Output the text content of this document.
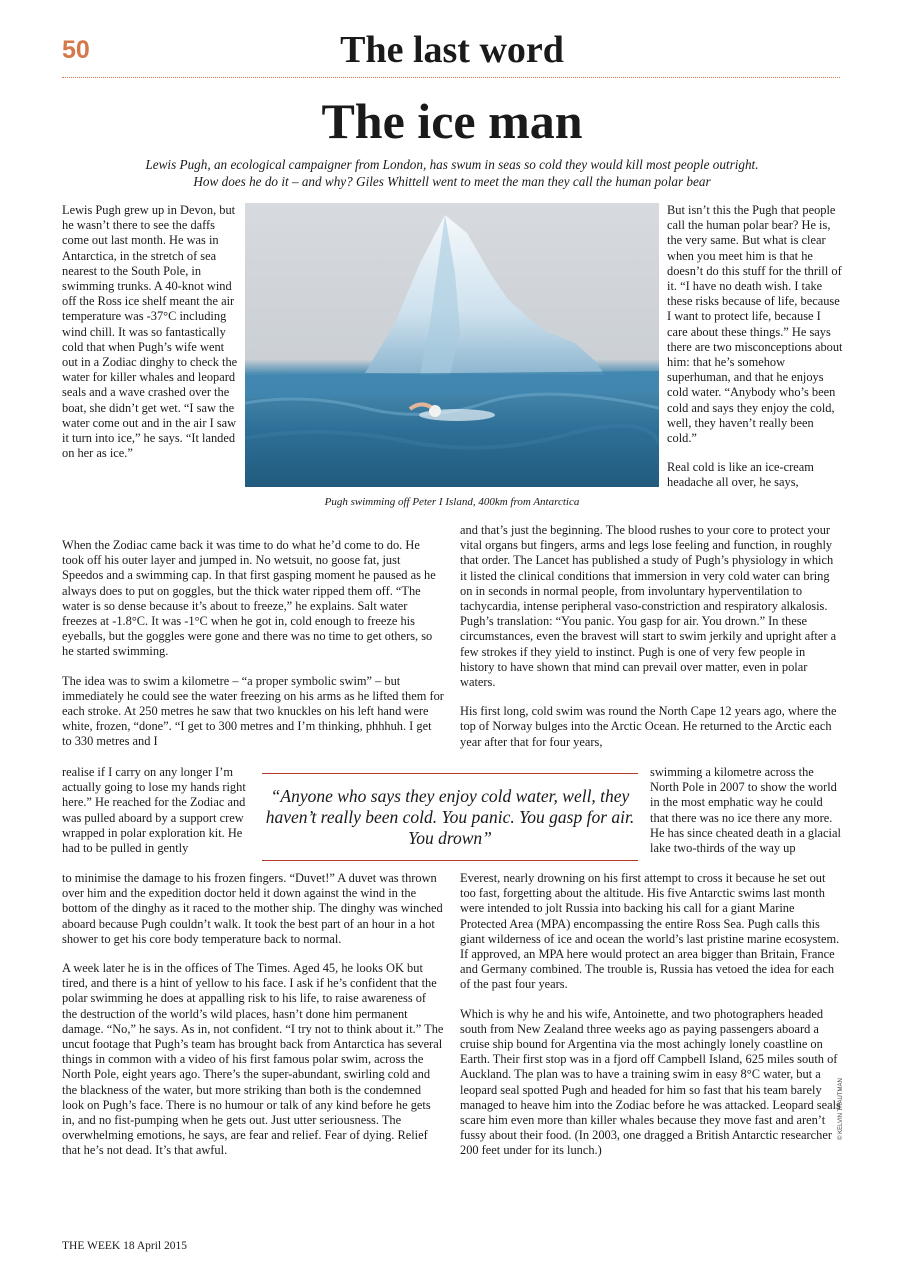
50	The last word
The ice man
Lewis Pugh, an ecological campaigner from London, has swum in seas so cold they would kill most people outright.
How does he do it – and why? Giles Whittell went to meet the man they call the human polar bear

Lewis Pugh grew up in Devon, but he wasn’t there to see the daffs come out last month. He was in Antarctica, in the stretch of sea nearest to the South Pole, in swimming trunks. A 40-knot wind off the Ross ice shelf meant the air temperature was -37°C including wind chill. It was so fantastically cold that when Pugh’s wife went out in a Zodiac dinghy to check the water for killer whales and leopard seals and a wave crashed over the boat, she didn’t get wet. “I saw the water come out and in the air I saw it turn into ice,” he says. “It landed on her as ice.”

Pugh swimming off Peter I Island, 400km from Antarctica

But isn’t this the Pugh that people call the human polar bear? He is, the very same. But what is clear when you meet him is that he doesn’t do this stuff for the thrill of it. “I have no death wish. I take these risks because of life, because I want to protect life, because I care about these things.” He says there are two misconceptions about him: that he’s somehow superhuman, and that he enjoys cold water. “Anybody who’s been cold and says they enjoy the cold, well, they haven’t really been cold.”

Real cold is like an ice-cream headache all over, he says,

When the Zodiac came back it was time to do what he’d come to do. He took off his outer layer and jumped in. No wetsuit, no goose fat, just Speedos and a swimming cap. In that first gasping moment he paused as he always does to put on goggles, but the thick water ripped them off. “The water is so dense because it’s about to freeze,” he explains. Salt water freezes at -1.8°C. It was -1°C when he got in, cold enough to freeze his eyeballs, but the goggles were gone and there was no time to get others, so he started swimming.

The idea was to swim a kilometre – “a proper symbolic swim” – but immediately he could see the water freezing on his arms as he lifted them for each stroke. At 250 metres he saw that two knuckles on his left hand were white, frozen, “done”. “I get to 300 metres and I’m thinking, phhhuh. I get to 330 metres and I

realise if I carry on any longer I’m actually going to lose my hands right here.” He reached for the Zodiac and was pulled aboard by a support crew wrapped in polar exploration kit. He had to be pulled in gently

to minimise the damage to his frozen fingers. “Duvet!” A duvet was thrown over him and the expedition doctor held it down against the wind in the bottom of the dinghy as it raced to the mother ship. The dinghy was winched aboard because Pugh couldn’t walk. It took the best part of an hour in a hot shower to get his core body temperature back to normal.

A week later he is in the offices of The Times. Aged 45, he looks OK but tired, and there is a hint of yellow to his face. I ask if he’s confident that the polar swimming he does at appalling risk to his life, to raise awareness of the destruction of the world’s wild places, hasn’t done him permanent damage. “No,” he says. As in, not confident. “I try not to think about it.” The uncut footage that Pugh’s team has brought back from Antarctica has several things in common with a video of his first famous polar swim, across the North Pole, eight years ago. There’s the super-abundant, swirling cold and the blackness of the water, but more striking than both is the condemned look on Pugh’s face. There is no humour or talk of any kind before he gets in, and no fist-pumping when he gets out. Just utter seriousness. The overwhelming emotions, he says, are fear and relief. Fear of dying. Relief that he’s not dead. It’s that awful.

and that’s just the beginning. The blood rushes to your core to protect your vital organs but fingers, arms and legs lose feeling and function, in roughly that order. The Lancet has published a study of Pugh’s physiology in which it listed the clinical conditions that immersion in very cold water can bring on in seconds in normal people, from involuntary hyperventilation to tachycardia, intense peripheral vaso-constriction and respiratory alkalosis. Pugh’s translation: “You panic. You gasp for air. You drown.” In these circumstances, even the bravest will start to swim jerkily and upright after a few strokes if they yield to instinct. Pugh is one of very few people in history to have shown that mind can prevail over matter, even in polar waters.

His first long, cold swim was round the North Cape 12 years ago, where the top of Norway bulges into the Arctic Ocean. He returned to the Arctic each year after that for four years,

swimming a kilometre across the North Pole in 2007 to show the world in the most emphatic way he could that there was no ice there any more. He has since cheated death in a glacial lake two-thirds of the way up

Everest, nearly drowning on his first attempt to cross it because he set out too fast, forgetting about the altitude. His five Antarctic swims last month were intended to jolt Russia into backing his call for a giant Marine Protected Area (MPA) encompassing the entire Ross Sea. Pugh calls this giant wilderness of ice and ocean the world’s last pristine marine ecosystem. If approved, an MPA here would protect an area bigger than Britain, France and Germany combined. The trouble is, Russia has vetoed the idea for each of the past four years.

Which is why he and his wife, Antoinette, and two photographers headed south from New Zealand three weeks ago as paying passengers aboard a cruise ship bound for Argentina via the most achingly lonely coastline on Earth. Their first stop was in a fjord off Campbell Island, 625 miles south of Auckland. The plan was to have a training swim in easy 8°C water, but a leopard seal spotted Pugh and headed for him so fast that his team barely managed to heave him into the Zodiac before he was attacked. Leopard seals scare him even more than killer whales because they move fast and aren’t fussy about their food. (In 2003, one dragged a British Antarctic researcher 200 feet under for its lunch.)

“Anyone who says they enjoy cold water, well, they haven’t really been cold. You panic. You gasp for air. You drown”
© KELVIN TRAUTMAN
THE WEEK 18 April 2015
